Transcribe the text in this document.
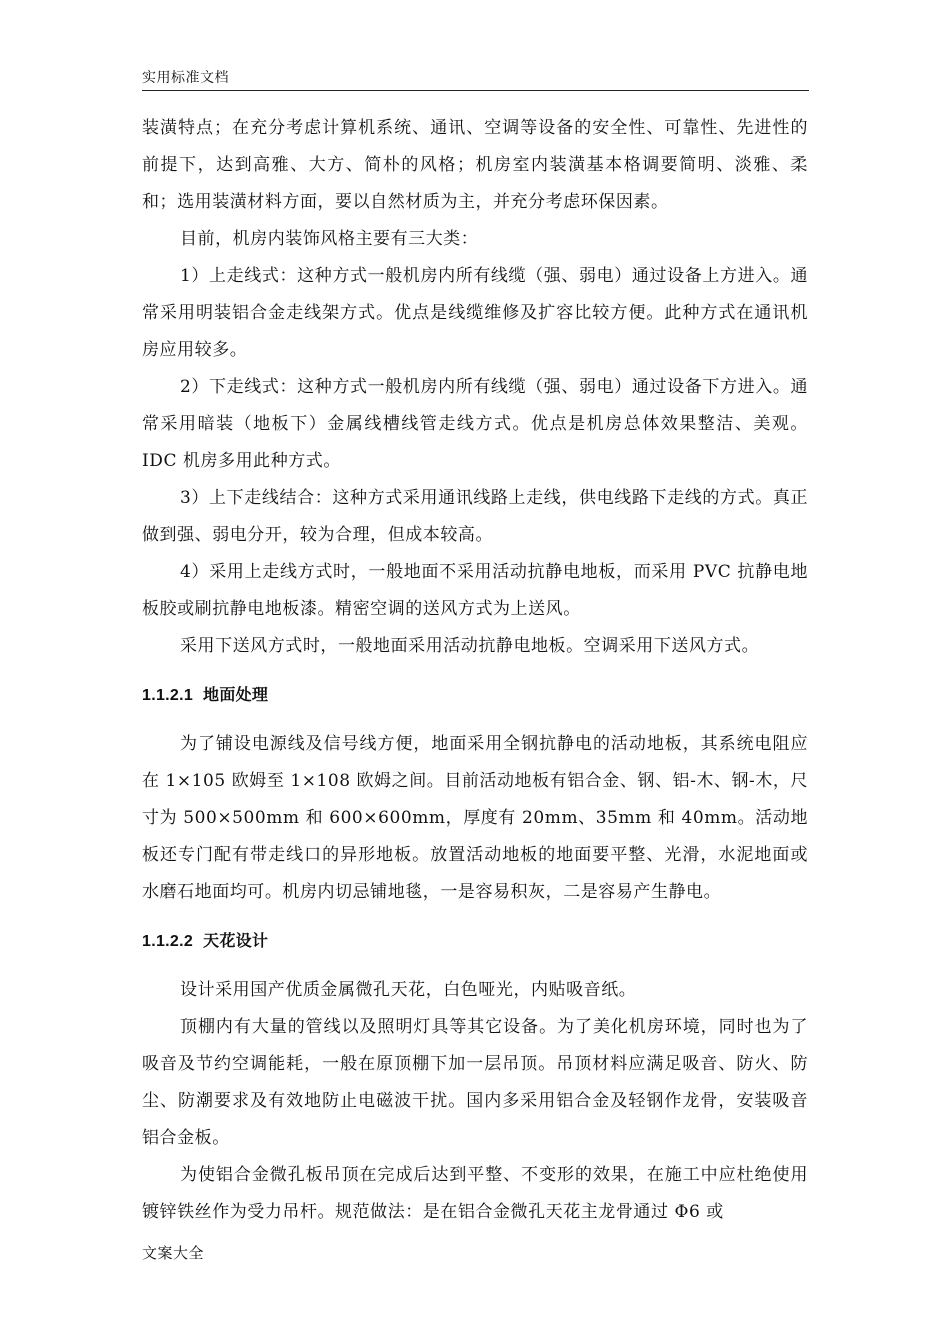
实用标准文档

装潢特点；在充分考虑计算机系统、通讯、空调等设备的安全性、可靠性、先进性的前提下，达到高雅、大方、简朴的风格；机房室内装潢基本格调要简明、淡雅、柔和；选用装潢材料方面，要以自然材质为主，并充分考虑环保因素。

目前，机房内装饰风格主要有三大类：

1）上走线式：这种方式一般机房内所有线缆（强、弱电）通过设备上方进入。通常采用明装铝合金走线架方式。优点是线缆维修及扩容比较方便。此种方式在通讯机房应用较多。

2）下走线式：这种方式一般机房内所有线缆（强、弱电）通过设备下方进入。通常采用暗装（地板下）金属线槽线管走线方式。优点是机房总体效果整洁、美观。IDC 机房多用此种方式。

3）上下走线结合：这种方式采用通讯线路上走线，供电线路下走线的方式。真正做到强、弱电分开，较为合理，但成本较高。

4）采用上走线方式时，一般地面不采用活动抗静电地板，而采用 PVC 抗静电地板胶或刷抗静电地板漆。精密空调的送风方式为上送风。

采用下送风方式时，一般地面采用活动抗静电地板。空调采用下送风方式。

1.1.2.1 地面处理

为了铺设电源线及信号线方便，地面采用全钢抗静电的活动地板，其系统电阻应在 1×105 欧姆至 1×108 欧姆之间。目前活动地板有铝合金、钢、铝-木、钢-木，尺寸为 500×500mm 和 600×600mm，厚度有 20mm、35mm 和 40mm。活动地板还专门配有带走线口的异形地板。放置活动地板的地面要平整、光滑，水泥地面或水磨石地面均可。机房内切忌铺地毯，一是容易积灰，二是容易产生静电。

1.1.2.2 天花设计

设计采用国产优质金属微孔天花，白色哑光，内贴吸音纸。

顶棚内有大量的管线以及照明灯具等其它设备。为了美化机房环境，同时也为了吸音及节约空调能耗，一般在原顶棚下加一层吊顶。吊顶材料应满足吸音、防火、防尘、防潮要求及有效地防止电磁波干扰。国内多采用铝合金及轻钢作龙骨，安装吸音铝合金板。

为使铝合金微孔板吊顶在完成后达到平整、不变形的效果，在施工中应杜绝使用镀锌铁丝作为受力吊杆。规范做法：是在铝合金微孔天花主龙骨通过 Φ6 或

文案大全
